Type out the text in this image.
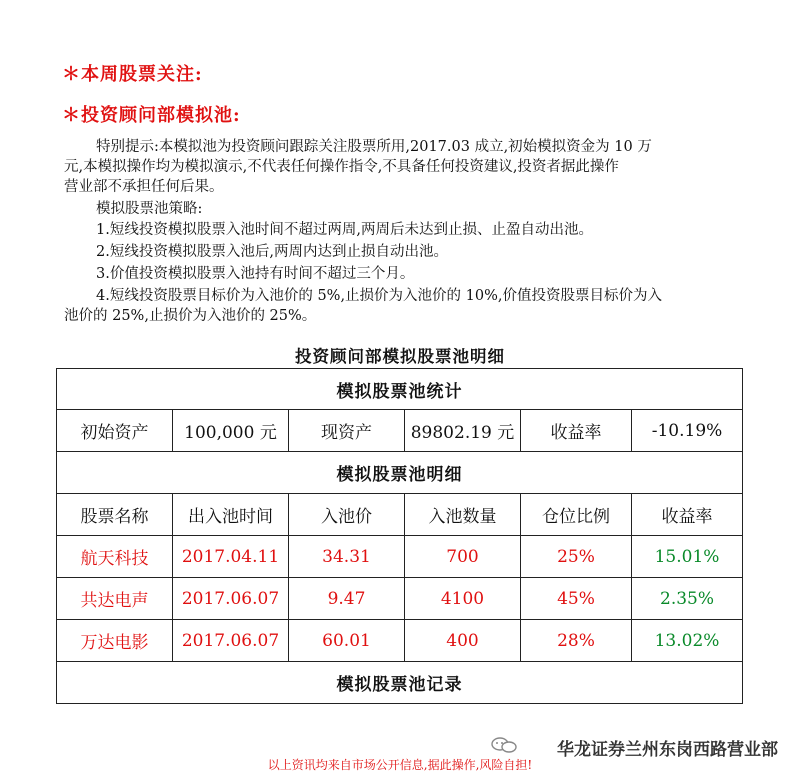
＊本周股票关注:
＊投资顾问部模拟池:
特别提示:本模拟池为投资顾问跟踪关注股票所用,2017.03 成立,初始模拟资金为 10 万
元,本模拟操作均为模拟演示,不代表任何操作指令,不具备任何投资建议,投资者据此操作
营业部不承担任何后果。
模拟股票池策略:
1.短线投资模拟股票入池时间不超过两周,两周后未达到止损、止盈自动出池。
2.短线投资模拟股票入池后,两周内达到止损自动出池。
3.价值投资模拟股票入池持有时间不超过三个月。
4.短线投资股票目标价为入池价的 5%,止损价为入池价的 10%,价值投资股票目标价为入
池价的 25%,止损价为入池价的 25%。
投资顾问部模拟股票池明细
模拟股票池统计					
初始资产	100,000 元	现资产	89802.19 元	收益率	-10.19%
模拟股票池明细					
股票名称	出入池时间	入池价	入池数量	仓位比例	收益率
航天科技	2017.04.11	34.31	700	25%	15.01%
共达电声	2017.06.07	9.47	4100	45%	2.35%
万达电影	2017.06.07	60.01	400	28%	13.02%
模拟股票池记录					
华龙证券兰州东岗西路营业部
以上资讯均来自市场公开信息,据此操作,风险自担!
